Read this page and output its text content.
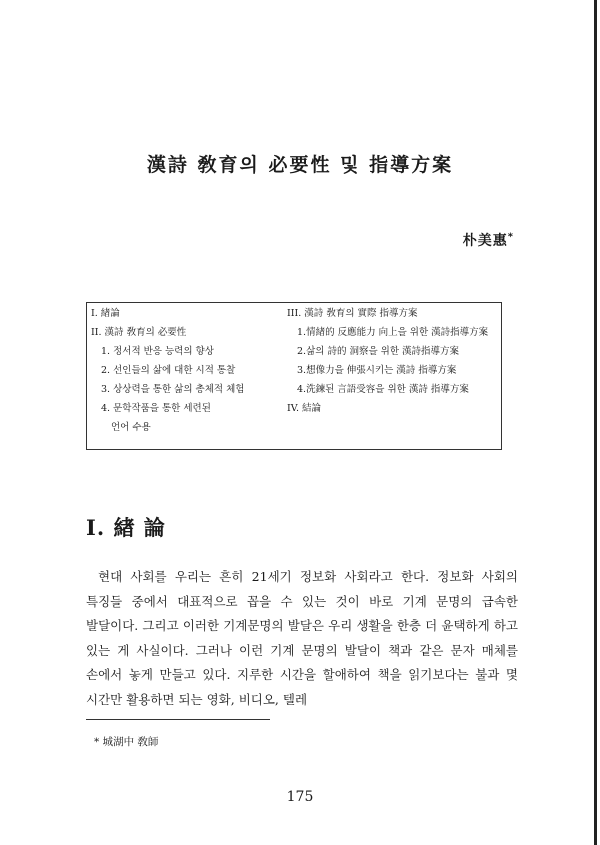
漢詩 敎育의 必要性 및 指導方案
朴美惠*
I. 緖論
II. 漢詩 敎育의 必要性
1. 정서적 반응 능력의 향상
2. 선인들의 삶에 대한 시적 통찰
3. 상상력을 통한 삶의 총체적 체험
4. 문학작품을 통한 세련된
언어 수용
III. 漢詩 敎育의 實際 指導方案
1.情緖的 反應能力 向上을 위한 漢詩指導方案
2.삶의 詩的 洞察을 위한 漢詩指導方案
3.想像力을 伸張시키는 漢詩 指導方案
4.洗鍊된 言語受容을 위한 漢詩 指導方案
IV. 結論
I. 緖 論
현대 사회를 우리는 흔히 21세기 정보화 사회라고 한다. 정보화 사회의 특징들 중에서 대표적으로 꼽을 수 있는 것이 바로 기계 문명의 급속한 발달이다. 그리고 이러한 기계문명의 발달은 우리 생활을 한층 더 윤택하게 하고 있는 게 사실이다. 그러나 이런 기계 문명의 발달이 책과 같은 문자 매체를 손에서 놓게 만들고 있다. 지루한 시간을 할애하여 책을 읽기보다는 불과 몇 시간만 활용하면 되는 영화, 비디오, 텔레
* 城湖中 敎師
175
